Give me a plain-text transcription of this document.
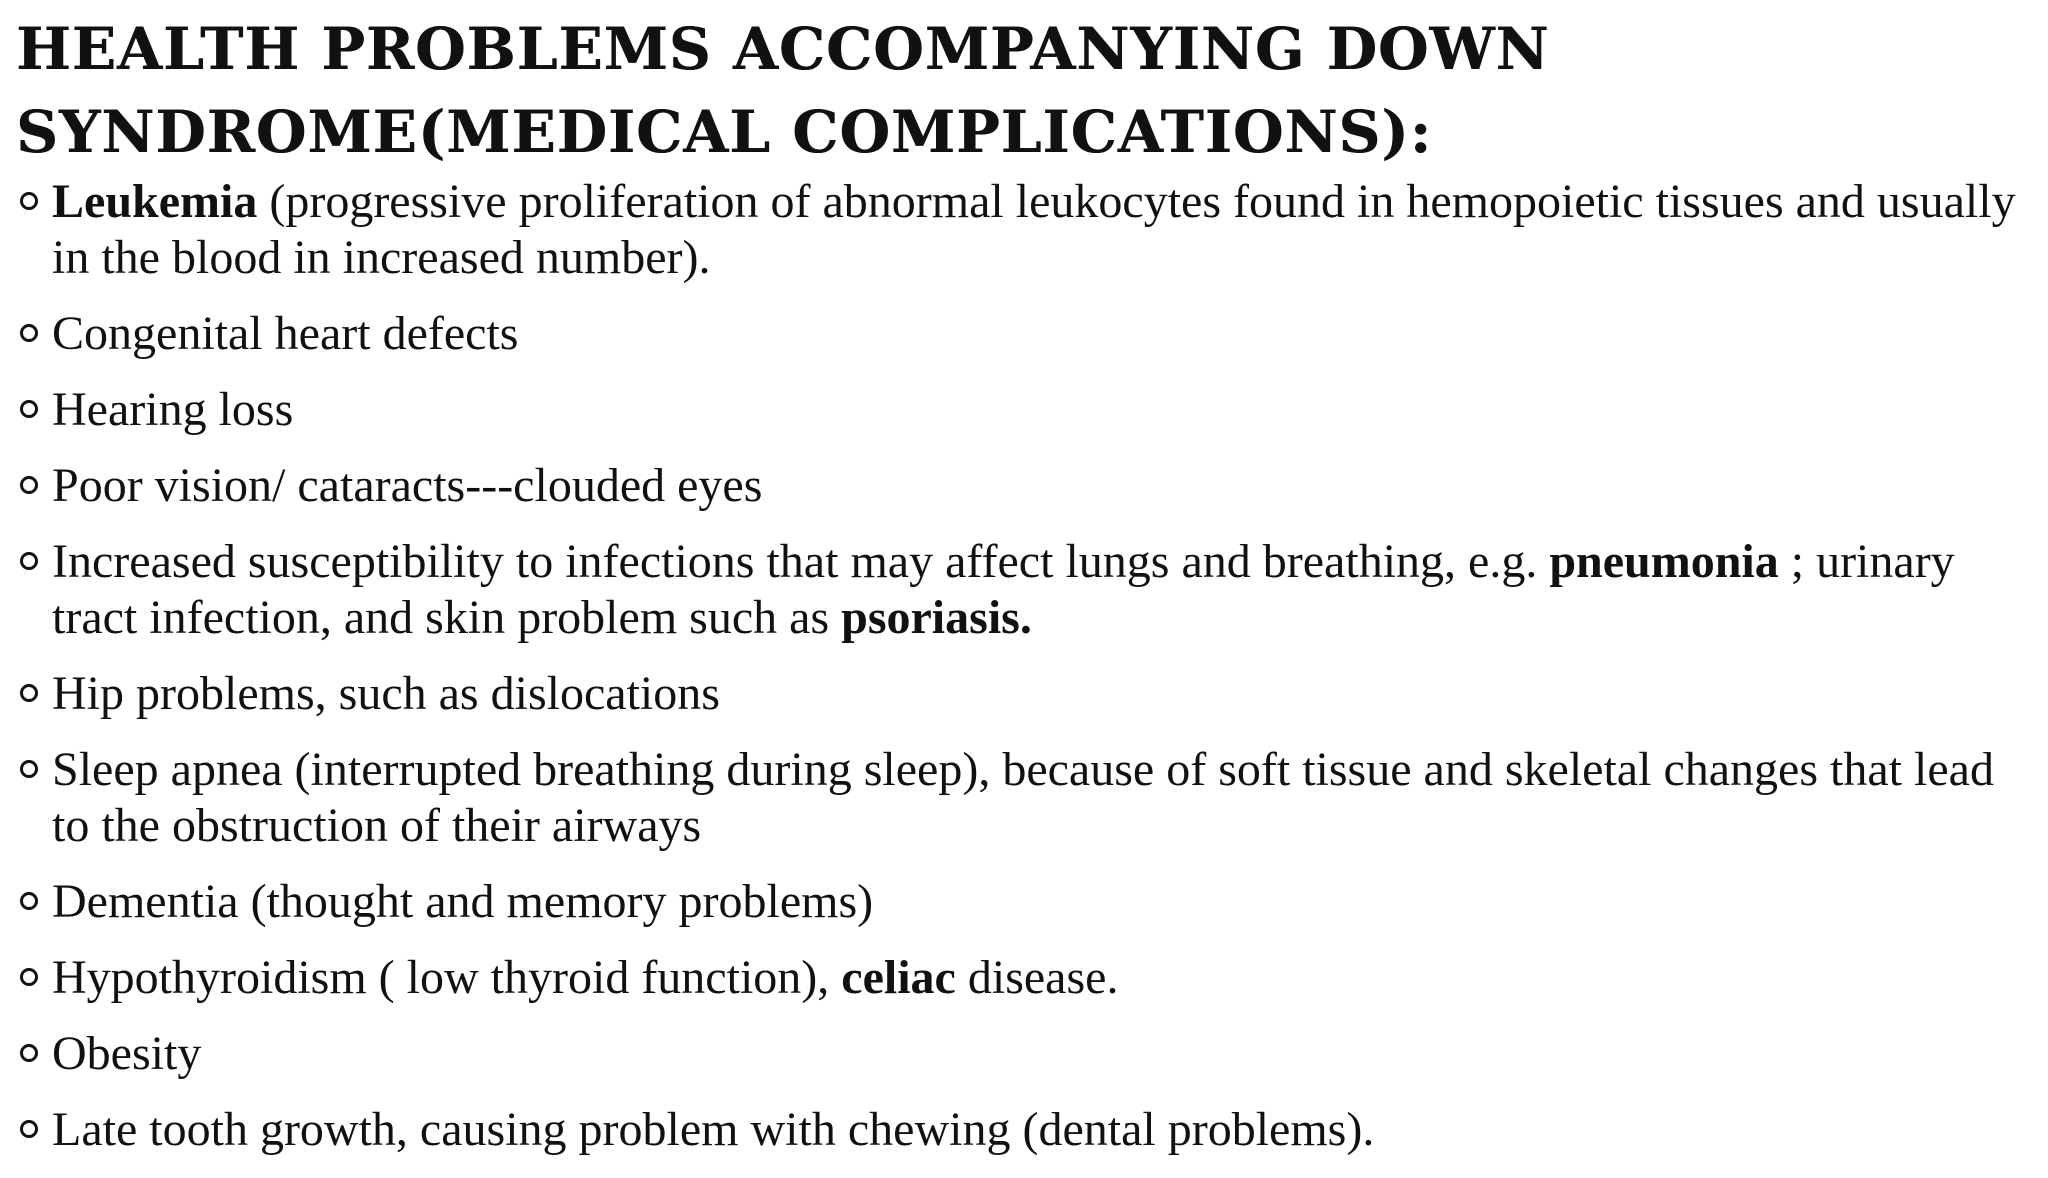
HEALTH PROBLEMS ACCOMPANYING DOWN SYNDROME(MEDICAL COMPLICATIONS):
Leukemia (progressive proliferation of abnormal leukocytes found in hemopoietic tissues and usually in the blood in increased number).
Congenital heart defects
Hearing loss
Poor vision/ cataracts---clouded eyes
Increased susceptibility to infections that may affect lungs and breathing, e.g. pneumonia ; urinary tract infection, and skin problem such as psoriasis.
Hip problems, such as dislocations
Sleep apnea (interrupted breathing during sleep), because of soft tissue and skeletal changes that lead to the obstruction of their airways
Dementia (thought and memory problems)
Hypothyroidism ( low thyroid function), celiac disease.
Obesity
Late tooth growth, causing problem with chewing (dental problems).
